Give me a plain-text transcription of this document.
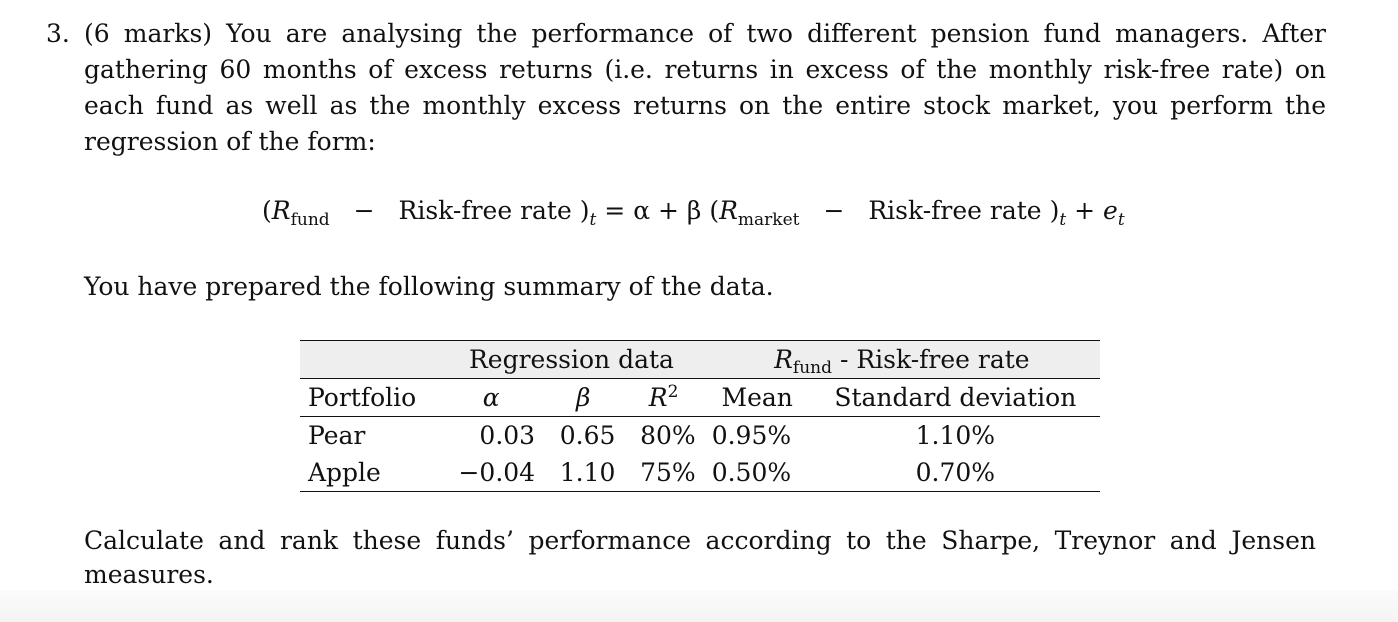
3. (6 marks) You are analysing the performance of two different pension fund managers. After gathering 60 months of excess returns (i.e. returns in excess of the monthly risk-free rate) on each fund as well as the monthly excess returns on the entire stock market, you perform the regression of the form:
($R_{fund}$ − Risk-free rate )$_t = \alpha + \beta$ ($R_{market}$ − Risk-free rate )$_t + e_t$
You have prepared the following summary of the data.
	Regression data			$R_{fund}$ - Risk-free rate	
Portfolio	α	β	$R^2$	Mean	Standard deviation
Pear	0.03	0.65	80%	0.95%	1.10%
Apple	−0.04	1.10	75%	0.50%	0.70%
Calculate and rank these funds’ performance according to the Sharpe, Treynor and Jensen measures.
